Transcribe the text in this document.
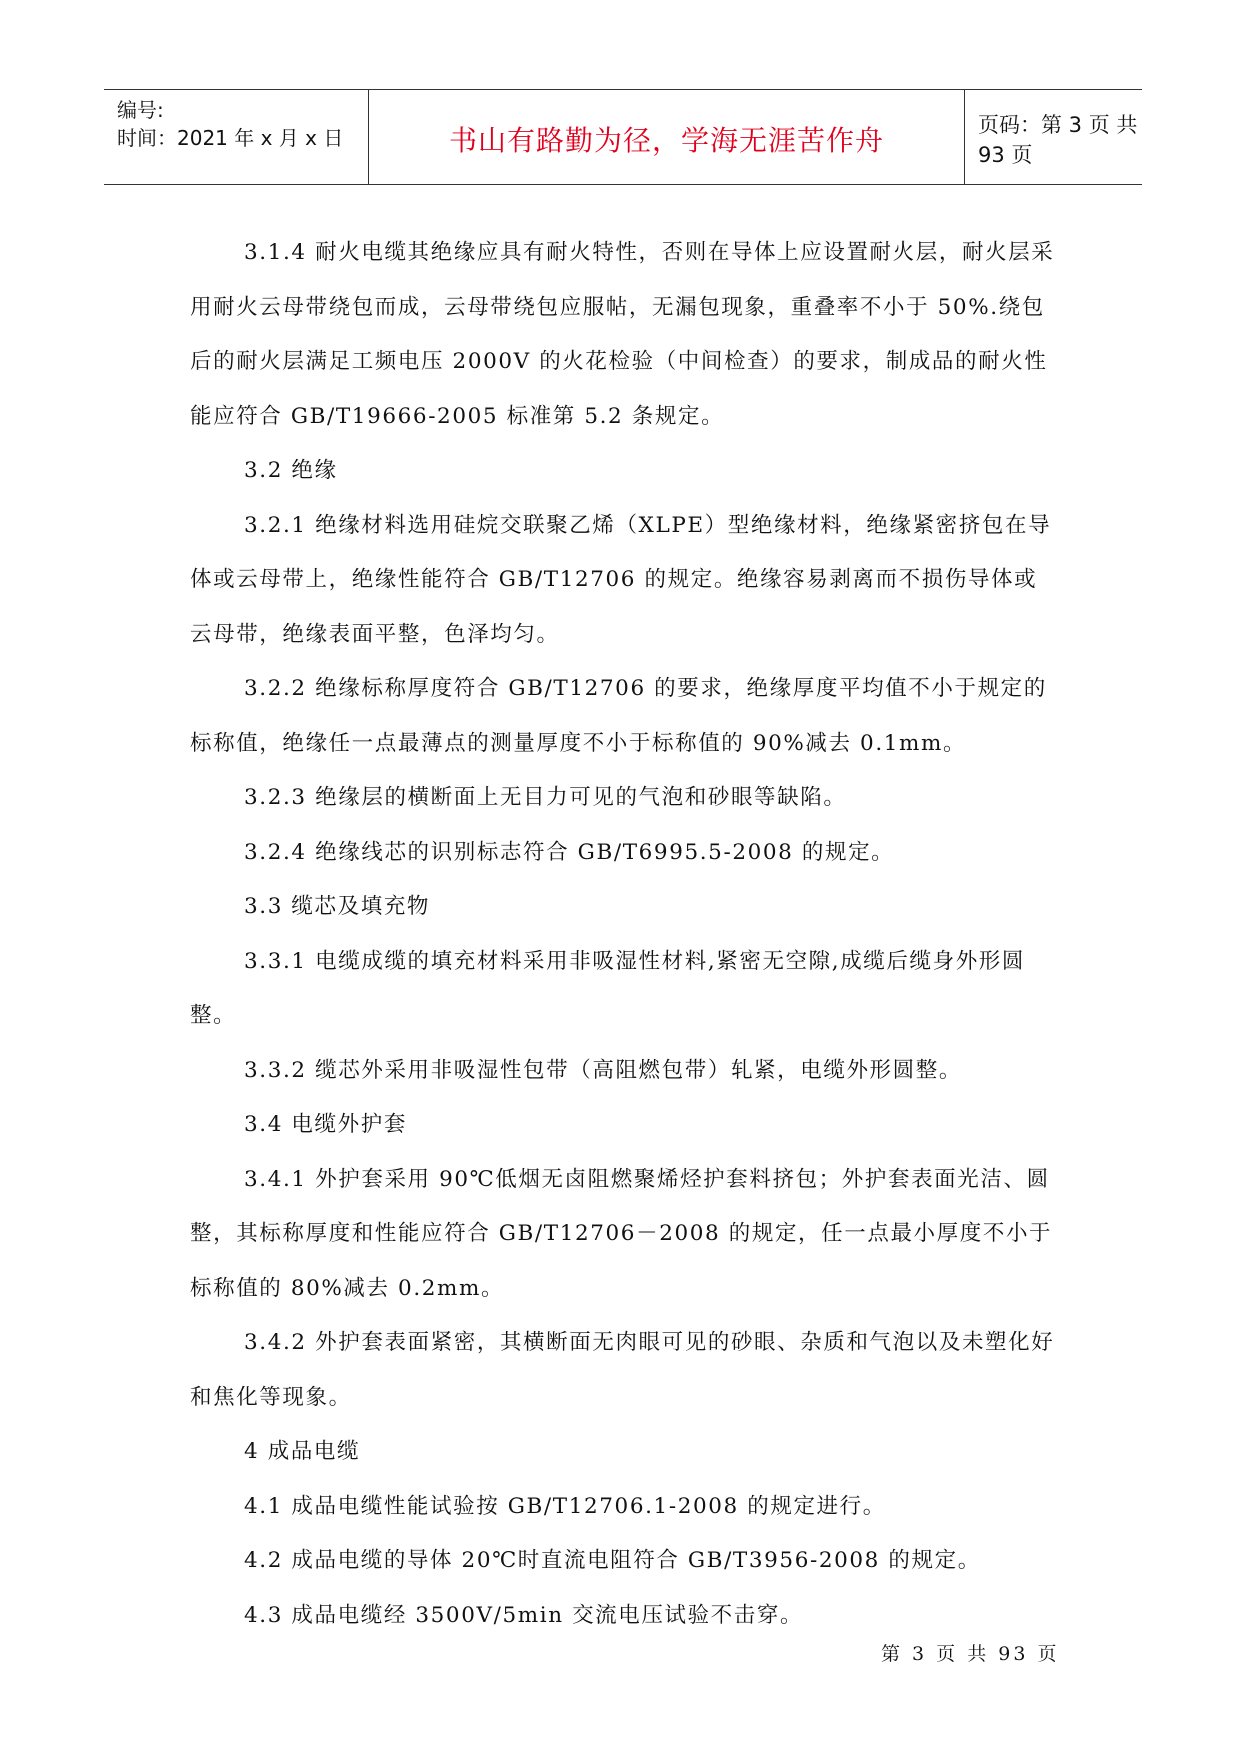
编号:
时间：2021 年 x 月 x 日	书山有路勤为径，学海无涯苦作舟	页码：第 3 页 共 93 页

3.1.4 耐火电缆其绝缘应具有耐火特性，否则在导体上应设置耐火层，耐火层采用耐火云母带绕包而成，云母带绕包应服帖，无漏包现象，重叠率不小于 50%.绕包后的耐火层满足工频电压 2000V 的火花检验（中间检查）的要求，制成品的耐火性能应符合 GB/T19666-2005 标准第 5.2 条规定。

3.2 绝缘

3.2.1 绝缘材料选用硅烷交联聚乙烯（XLPE）型绝缘材料，绝缘紧密挤包在导体或云母带上，绝缘性能符合 GB/T12706 的规定。绝缘容易剥离而不损伤导体或云母带，绝缘表面平整，色泽均匀。

3.2.2 绝缘标称厚度符合 GB/T12706 的要求，绝缘厚度平均值不小于规定的标称值，绝缘任一点最薄点的测量厚度不小于标称值的 90%减去 0.1mm。

3.2.3 绝缘层的横断面上无目力可见的气泡和砂眼等缺陷。

3.2.4 绝缘线芯的识别标志符合 GB/T6995.5-2008 的规定。

3.3 缆芯及填充物

3.3.1 电缆成缆的填充材料采用非吸湿性材料,紧密无空隙,成缆后缆身外形圆整。

3.3.2 缆芯外采用非吸湿性包带（高阻燃包带）轧紧，电缆外形圆整。

3.4 电缆外护套

3.4.1 外护套采用 90℃低烟无卤阻燃聚烯烃护套料挤包；外护套表面光洁、圆整，其标称厚度和性能应符合 GB/T12706－2008 的规定，任一点最小厚度不小于标称值的 80%减去 0.2mm。

3.4.2 外护套表面紧密，其横断面无肉眼可见的砂眼、杂质和气泡以及未塑化好和焦化等现象。

4 成品电缆

4.1 成品电缆性能试验按 GB/T12706.1-2008 的规定进行。

4.2 成品电缆的导体 20℃时直流电阻符合 GB/T3956-2008 的规定。

4.3 成品电缆经 3500V/5min 交流电压试验不击穿。

第 3 页 共 93 页
